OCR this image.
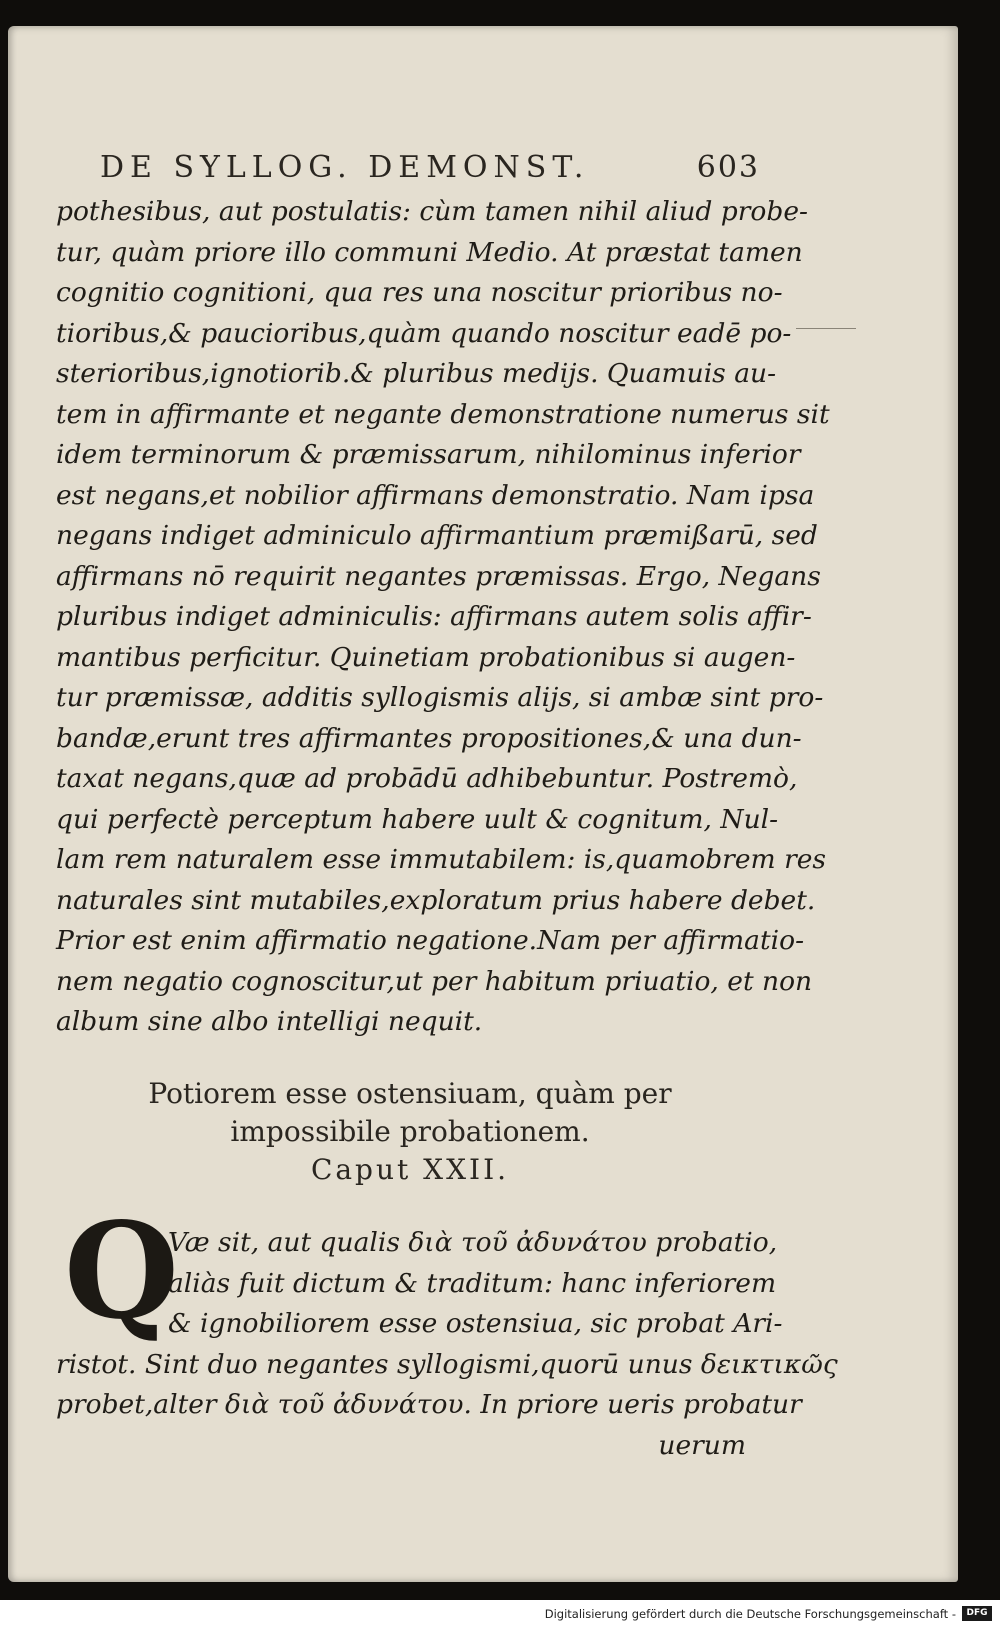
DE SYLLOG. DEMONST.	603
pothesibus, aut postulatis: cùm tamen nihil aliud probe-
tur, quàm priore illo communi Medio. At præstat tamen
cognitio cognitioni, qua res una noscitur prioribus no-
tioribus,& paucioribus,quàm quando noscitur eadē po-
sterioribus,ignotiorib.& pluribus medijs. Quamuis au-
tem in affirmante et negante demonstratione numerus sit
idem terminorum & præmissarum, nihilominus inferior
est negans,et nobilior affirmans demonstratio. Nam ipsa
negans indiget adminiculo affirmantium præmißarū, sed
affirmans nō requirit negantes præmissas. Ergo, Negans
pluribus indiget adminiculis: affirmans autem solis affir-
mantibus perficitur. Quinetiam probationibus si augen-
tur præmissæ, additis syllogismis alijs, si ambæ sint pro-
bandæ,erunt tres affirmantes propositiones,& una dun-
taxat negans,quæ ad probādū adhibebuntur. Postremò,
qui perfectè perceptum habere uult & cognitum, Nul-
lam rem naturalem esse immutabilem: is,quamobrem res
naturales sint mutabiles,exploratum prius habere debet.
Prior est enim affirmatio negatione.Nam per affirmatio-
nem negatio cognoscitur,ut per habitum priuatio, et non
album sine albo intelligi nequit.
Potiorem esse ostensiuam, quàm per
impossibile probationem.
Caput XXII.
Q
Væ sit, aut qualis διὰ τοῦ ἀδυνάτου probatio,
aliàs fuit dictum & traditum: hanc inferiorem
& ignobiliorem esse ostensiua, sic probat Ari-
ristot. Sint duo negantes syllogismi,quorū unus δεικτικῶς
probet,alter διὰ τοῦ ἀδυνάτου. In priore ueris probatur
uerum
Digitalisierung gefördert durch die Deutsche Forschungsgemeinschaft -	DFG
